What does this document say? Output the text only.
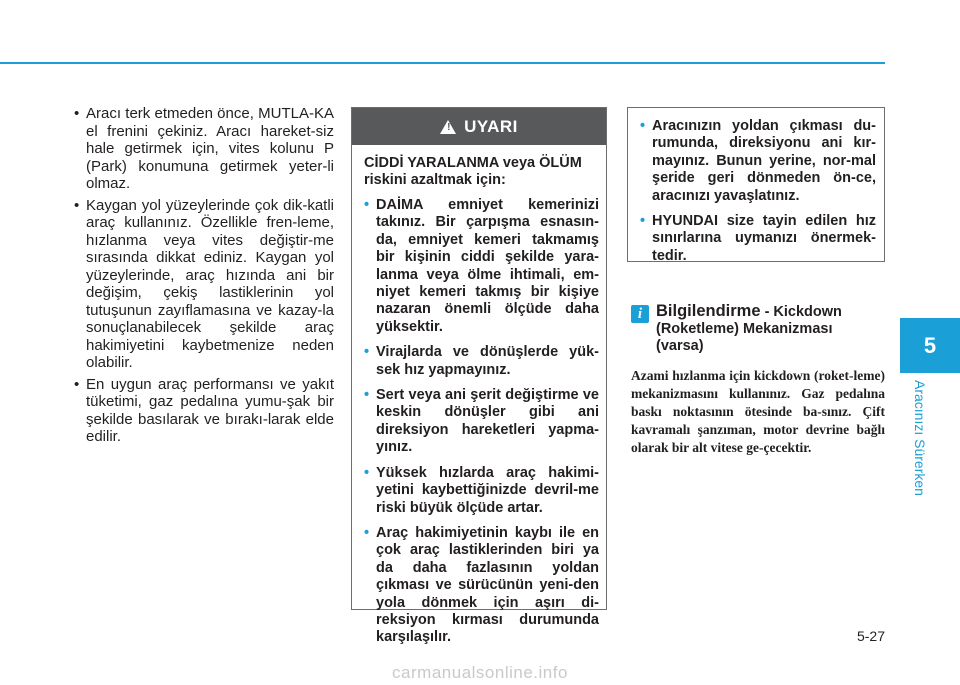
• Aracı terk etmeden önce, MUTLA-KA el frenini çekiniz. Aracı hareket-siz hale getirmek için, vites kolunu P (Park) konumuna getirmek yeter-li olmaz.
• Kaygan yol yüzeylerinde çok dik-katli araç kullanınız. Özellikle fren-leme, hızlanma veya vites değiştir-me sırasında dikkat ediniz. Kaygan yol yüzeylerinde, araç hızında ani bir değişim, çekiş lastiklerinin yol tutuşunun zayıflamasına ve kazay-la sonuçlanabilecek şekilde araç hakimiyetini kaybetmenize neden olabilir.
• En uygun araç performansı ve yakıt tüketimi, gaz pedalına yumu-şak bir şekilde basılarak ve bırakı-larak elde edilir.
! UYARI
CİDDİ YARALANMA veya ÖLÜM riskini azaltmak için:
• DAİMA emniyet kemerinizi takınız. Bir çarpışma esnasın-da, emniyet kemeri takmamış bir kişinin ciddi şekilde yara-lanma veya ölme ihtimali, em-niyet kemeri takmış bir kişiye nazaran önemli ölçüde daha yüksektir.
• Virajlarda ve dönüşlerde yük-sek hız yapmayınız.
• Sert veya ani şerit değiştirme ve keskin dönüşler gibi ani direksiyon hareketleri yapma-yınız.
• Yüksek hızlarda araç hakimi-yetini kaybettiğinizde devril-me riski büyük ölçüde artar.
• Araç hakimiyetinin kaybı ile en çok araç lastiklerinden biri ya da daha fazlasının yoldan çıkması ve sürücünün yeni-den yola dönmek için aşırı di-reksiyon kırması durumunda karşılaşılır.
• Aracınızın yoldan çıkması du-rumunda, direksiyonu ani kır-mayınız. Bunun yerine, nor-mal şeride geri dönmeden ön-ce, aracınızı yavaşlatınız.
• HYUNDAI size tayin edilen hız sınırlarına uymanızı önermek-tedir.
i Bilgilendirme - Kickdown
(Roketleme) Mekanizması
(varsa)
Azami hızlanma için kickdown (roket-leme) mekanizmasını kullanınız. Gaz pedalına baskı noktasının ötesinde ba-sınız. Çift kavramalı şanzıman, motor devrine bağlı olarak bir alt vitese ge-çecektir.
5
Aracınızı Sürerken
5-27
carmanualsonline.info
